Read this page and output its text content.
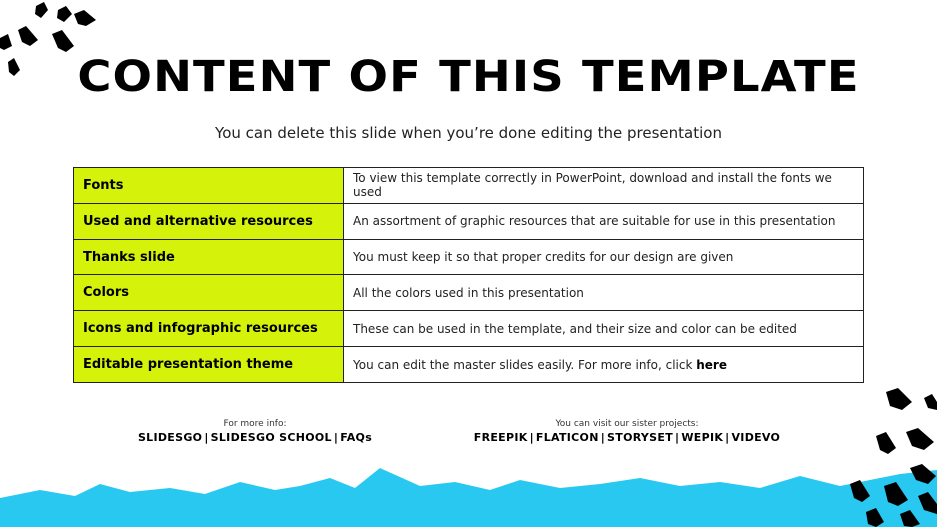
CONTENT OF THIS TEMPLATE
You can delete this slide when you’re done editing the presentation
Fonts	To view this template correctly in PowerPoint, download and install the fonts we used
Used and alternative resources	An assortment of graphic resources that are suitable for use in this presentation
Thanks slide	You must keep it so that proper credits for our design are given
Colors	All the colors used in this presentation
Icons and infographic resources	These can be used in the template, and their size and color can be edited
Editable presentation theme	You can edit the master slides easily. For more info, click here
For more info:
SLIDESGO | SLIDESGO SCHOOL | FAQs
You can visit our sister projects:
FREEPIK | FLATICON | STORYSET | WEPIK | VIDEVO
